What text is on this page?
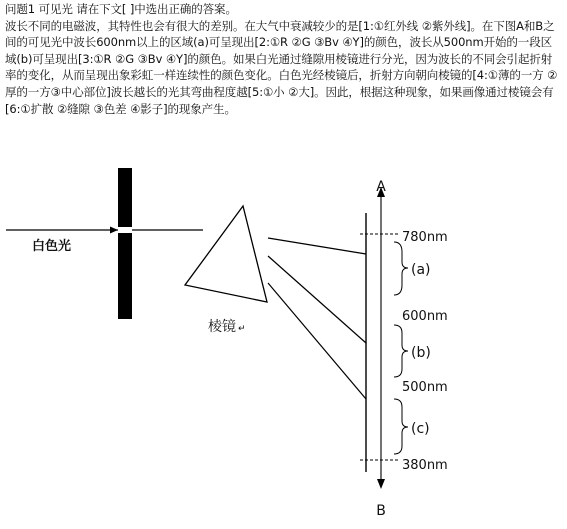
问题1 可见光 请在下文[ ]中选出正确的答案。

波长不同的电磁波，其特性也会有很大的差别。在大气中衰减较少的是[1:①红外线 ②紫外线]。在下图A和B之间的可见光中波长600nm以上的区域(a)可呈现出[2:①R ②G ③Bv ④Y]的颜色，波长从500nm开始的一段区域(b)可呈现出[3:①R ②G ③Bv ④Y]的颜色。如果白光通过缝隙用棱镜进行分光，因为波长的不同会引起折射率的变化，从而呈现出象彩虹一样连续性的颜色变化。白色光经棱镜后，折射方向朝向棱镜的[4:①薄的一方 ②厚的一方③中心部位]波长越长的光其弯曲程度越[5:①小 ②大]。因此，根据这种现象，如果画像通过棱镜会有[6:①扩散 ②缝隙 ③色差 ④影子]的现象产生。

白色光
棱镜 ↵
A
B
780nm
600nm
500nm
380nm
(a)
(b)
(c)
